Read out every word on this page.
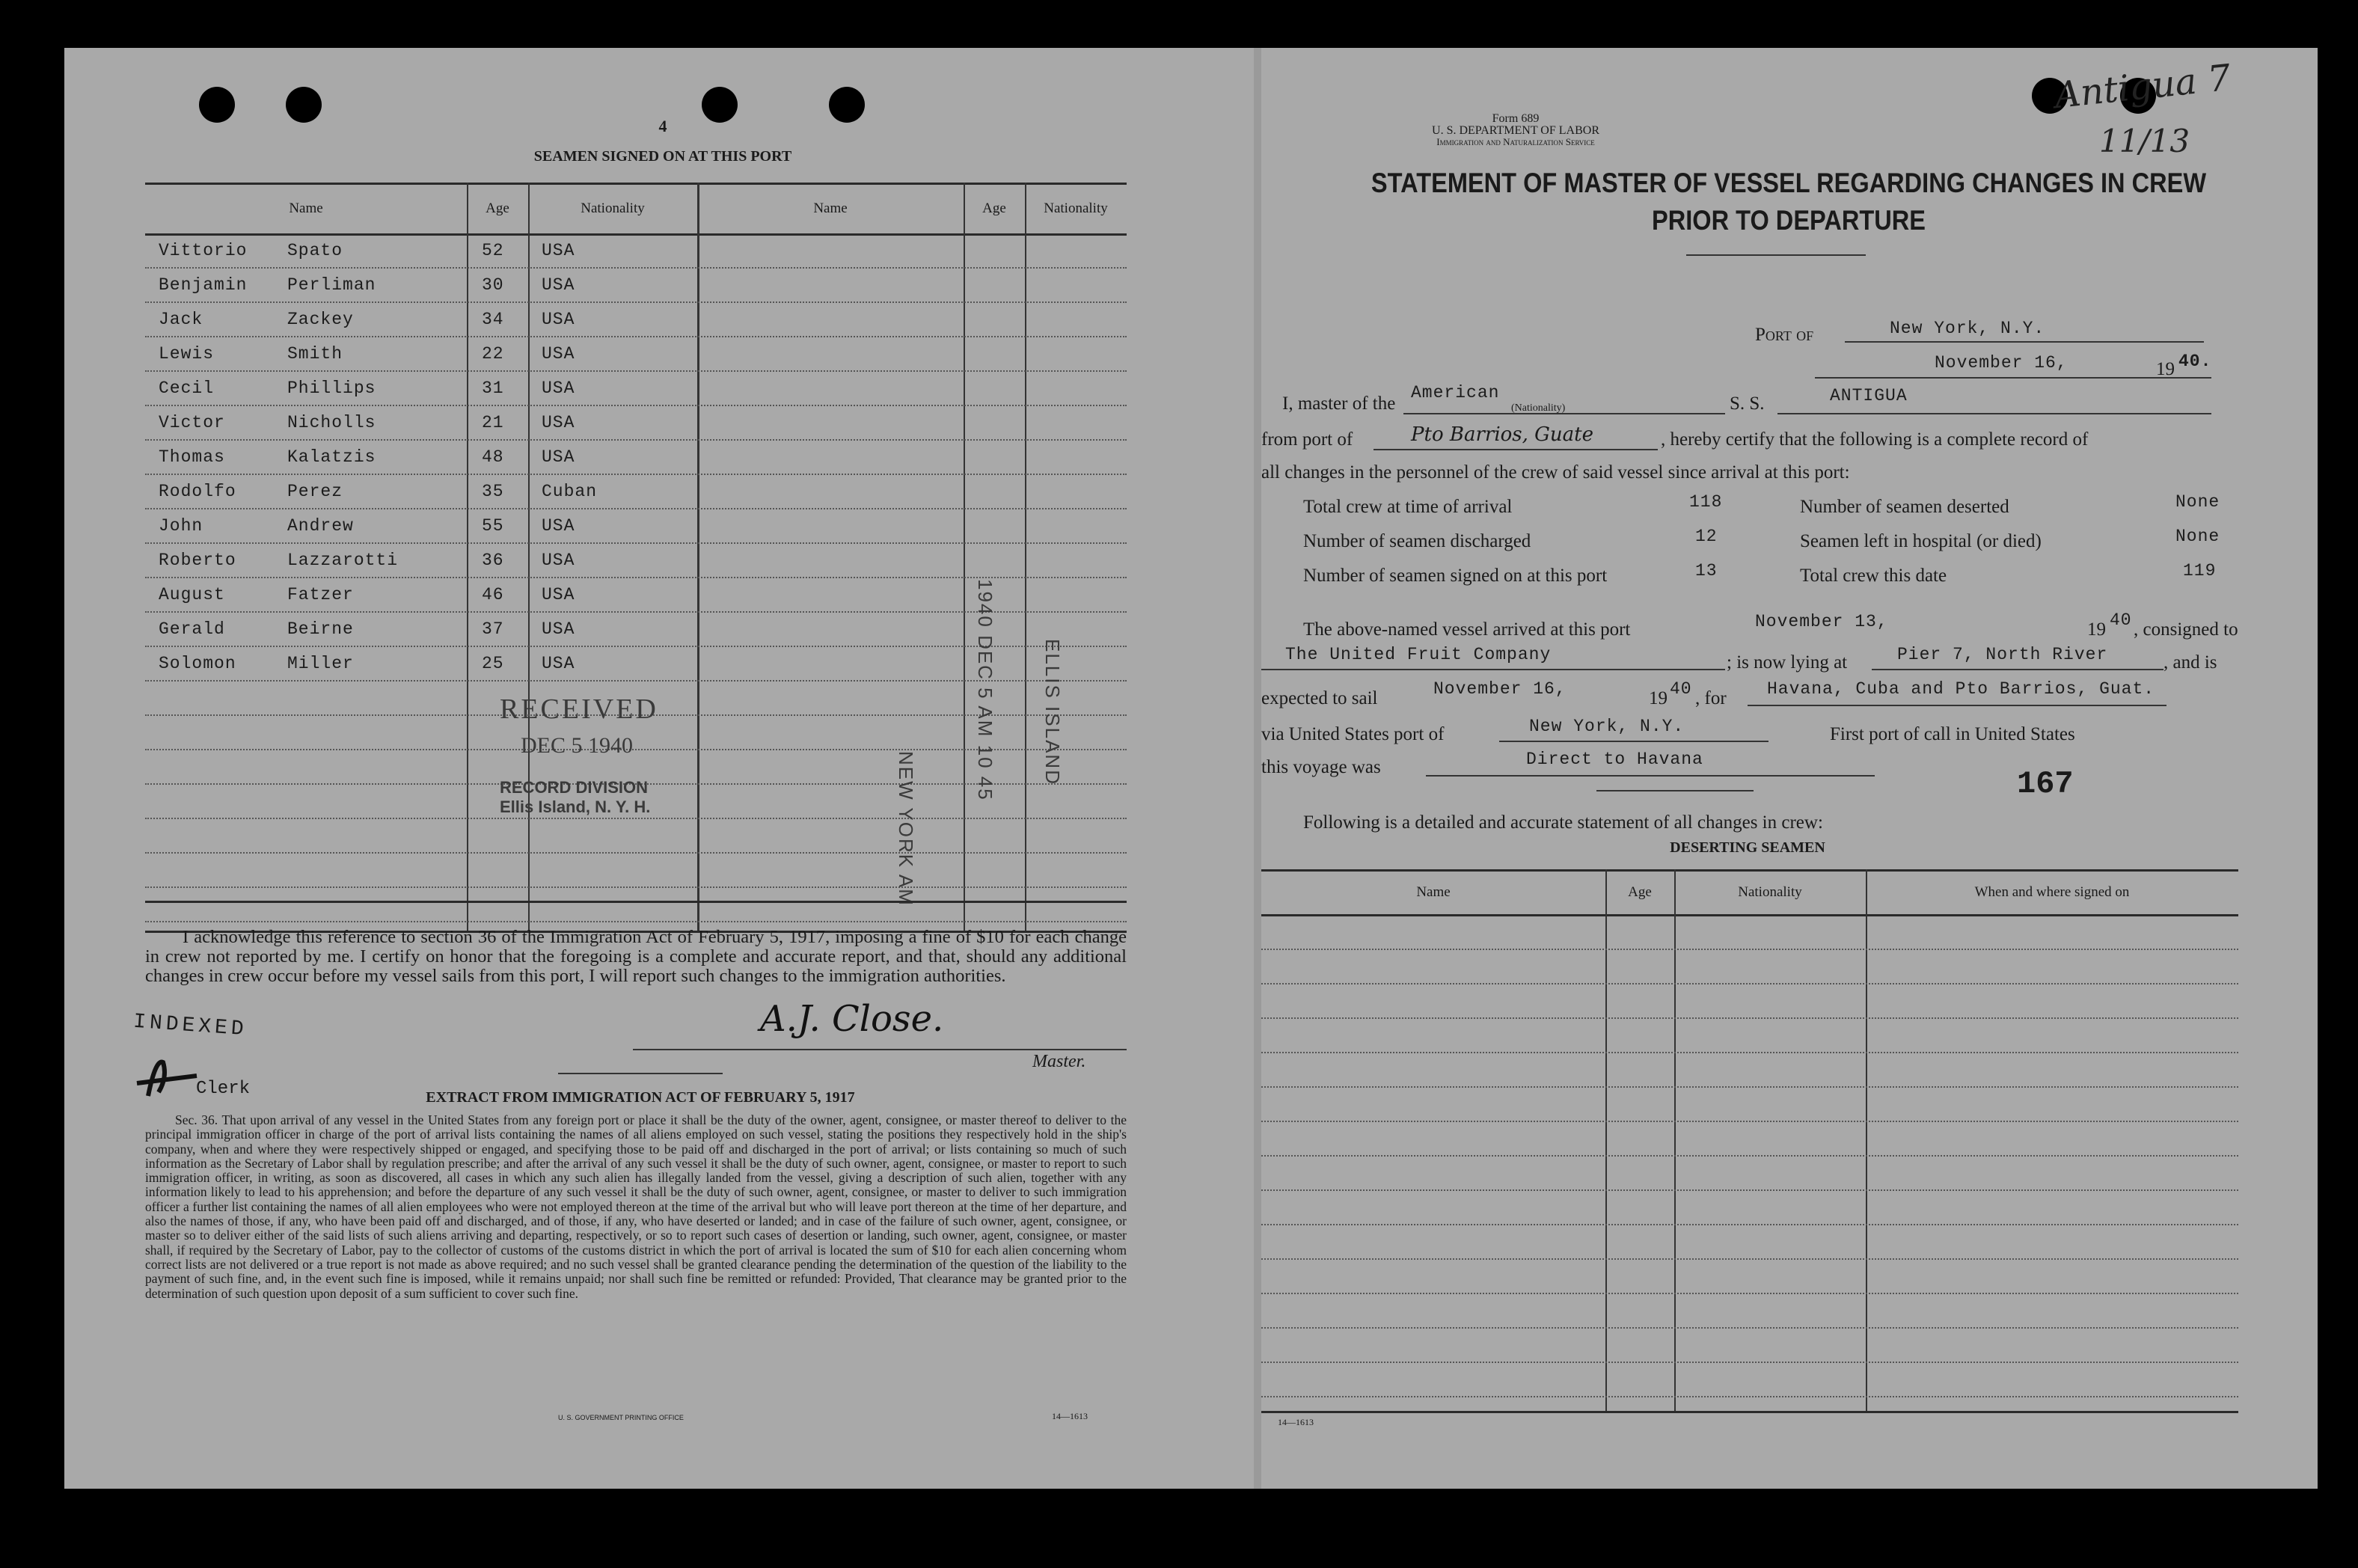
4
SEAMEN SIGNED ON AT THIS PORT
Name	Age	Nationality	Name	Age	Nationality
Vittorio Spato	52 USA
Benjamin Perliman	30 USA
Jack	Zackey	34 USA
Lewis	Smith	22 USA
Cecil	Phillips	31 USA
Victor	Nicholls	21 USA
Thomas	Kalatzis	48 USA
Rodolfo	Perez	35 Cuban
John	Andrew	55 USA
Roberto	Lazzarotti	36 USA
August	Fatzer	46 USA
Gerald	Beirne	37 USA
Solomon	Miller	25 USA
RECEIVED
DEC 5 1940
RECORD DIVISION
Ellis Island, N. Y. H.	NEW YORK AM
1940 DEC 5 AM 10 45	ELLIS ISLAND
I acknowledge this reference to section 36 of the Immigration Act of February 5, 1917, imposing a fine of $10 for each change in crew not reported by me. I certify on honor that the foregoing is a complete and accurate report, and that, should any additional changes in crew occur before my vessel sails from this port, I will report such changes to the immigration authorities.
INDEXED
Clerk
A.J. Close.
Master.
EXTRACT FROM IMMIGRATION ACT OF FEBRUARY 5, 1917
Sec. 36. That upon arrival of any vessel in the United States from any foreign port or place it shall be the duty of the owner, agent, consignee, or master thereof to deliver to the principal immigration officer in charge of the port of arrival lists containing the names of all aliens employed on such vessel, stating the positions they respectively hold in the ship's company, when and where they were respectively shipped or engaged, and specifying those to be paid off and discharged in the port of arrival; or lists containing so much of such information as the Secretary of Labor shall by regulation prescribe; and after the arrival of any such vessel it shall be the duty of such owner, agent, consignee, or master to report to such immigration officer, in writing, as soon as discovered, all cases in which any such alien has illegally landed from the vessel, giving a description of such alien, together with any information likely to lead to his apprehension; and before the departure of any such vessel it shall be the duty of such owner, agent, consignee, or master to deliver to such immigration officer a further list containing the names of all alien employees who were not employed thereon at the time of the arrival but who will leave port thereon at the time of her departure, and also the names of those, if any, who have been paid off and discharged, and of those, if any, who have deserted or landed; and in case of the failure of such owner, agent, consignee, or master so to deliver either of the said lists of such aliens arriving and departing, respectively, or so to report such cases of desertion or landing, such owner, agent, consignee, or master shall, if required by the Secretary of Labor, pay to the collector of customs of the customs district in which the port of arrival is located the sum of $10 for each alien concerning whom correct lists are not delivered or a true report is not made as above required; and no such vessel shall be granted clearance pending the determination of the question of the liability to the payment of such fine, and, in the event such fine is imposed, while it remains unpaid; nor shall such fine be remitted or refunded: Provided, That clearance may be granted prior to the determination of such question upon deposit of a sum sufficient to cover such fine.
U. S. GOVERNMENT PRINTING OFFICE	14—1613
Antigua 7
11/13
Form 689
U. S. DEPARTMENT OF LABOR
Immigration and Naturalization Service
STATEMENT OF MASTER OF VESSEL REGARDING CHANGES IN CREW
PRIOR TO DEPARTURE
Port of	New York, N.Y.
November 16,	19 40.
I, master of the
American
(Nationality)	S. S.	ANTIGUA
from port of	Pto Barrios, Guate	, hereby certify that the following is a complete record of
all changes in the personnel of the crew of said vessel since arrival at this port:
Total crew at time of arrival	118
Number of seamen discharged	12
Number of seamen signed on at this port	13
Number of seamen deserted	None
Seamen left in hospital (or died)	None
Total crew this date	119
The above-named vessel arrived at this port	November 13,	19 40 , consigned to
The United Fruit Company	; is now lying at	Pier 7, North River	, and is
expected to sail	November 16,	19 40 , for Havana, Cuba and Pto Barrios, Guat.
via United States port of	New York, N.Y.	First port of call in United States
this voyage was	Direct to Havana
167
Following is a detailed and accurate statement of all changes in crew:
DESERTING SEAMEN
Name	Age	Nationality	When and where signed on
14—1613
